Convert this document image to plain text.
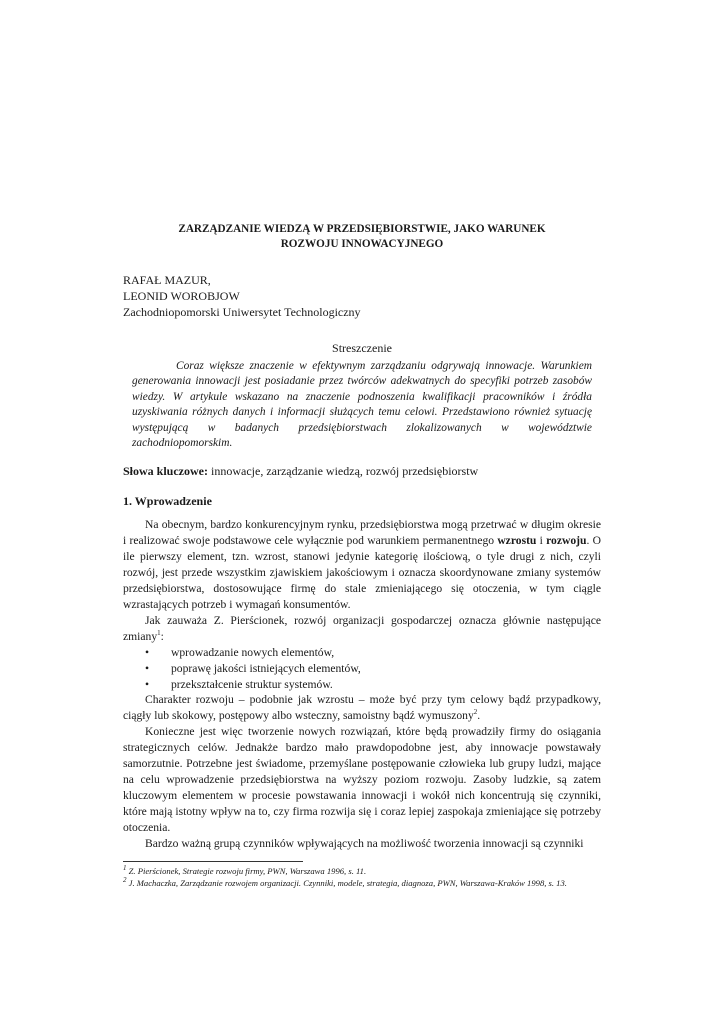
ZARZĄDZANIE WIEDZĄ W PRZEDSIĘBIORSTWIE, JAKO WARUNEK
ROZWOJU INNOWACYJNEGO
RAFAŁ MAZUR,
LEONID WOROBJOW
Zachodniopomorski Uniwersytet Technologiczny
Streszczenie

Coraz większe znaczenie w efektywnym zarządzaniu odgrywają innowacje. Warunkiem generowania innowacji jest posiadanie przez twórców adekwatnych do specyfiki potrzeb zasobów wiedzy. W artykule wskazano na znaczenie podnoszenia kwalifikacji pracowników i źródła uzyskiwania różnych danych i informacji służących temu celowi. Przedstawiono również sytuację występującą w badanych przedsiębiorstwach zlokalizowanych w województwie zachodniopomorskim.

Słowa kluczowe: innowacje, zarządzanie wiedzą, rozwój przedsiębiorstw
1. Wprowadzenie

Na obecnym, bardzo konkurencyjnym rynku, przedsiębiorstwa mogą przetrwać w długim okresie i realizować swoje podstawowe cele wyłącznie pod warunkiem permanentnego wzrostu i rozwoju. O ile pierwszy element, tzn. wzrost, stanowi jedynie kategorię ilościową, o tyle drugi z nich, czyli rozwój, jest przede wszystkim zjawiskiem jakościowym i oznacza skoordynowane zmiany systemów przedsiębiorstwa, dostosowujące firmę do stale zmieniającego się otoczenia, w tym ciągle wzrastających potrzeb i wymagań konsumentów.

Jak zauważa Z. Pierścionek, rozwój organizacji gospodarczej oznacza głównie następujące zmiany$^1$:

• wprowadzanie nowych elementów,
• poprawę jakości istniejących elementów,
• przekształcenie struktur systemów.

Charakter rozwoju – podobnie jak wzrostu – może być przy tym celowy bądź przypadkowy, ciągły lub skokowy, postępowy albo wsteczny, samoistny bądź wymuszony$^2$.

Konieczne jest więc tworzenie nowych rozwiązań, które będą prowadziły firmy do osiągania strategicznych celów. Jednakże bardzo mało prawdopodobne jest, aby innowacje powstawały samorzutnie. Potrzebne jest świadome, przemyślane postępowanie człowieka lub grupy ludzi, mające na celu wprowadzenie przedsiębiorstwa na wyższy poziom rozwoju. Zasoby ludzkie, są zatem kluczowym elementem w procesie powstawania innowacji i wokół nich koncentrują się czynniki, które mają istotny wpływ na to, czy firma rozwija się i coraz lepiej zaspokaja zmieniające się potrzeby otoczenia.

Bardzo ważną grupą czynników wpływających na możliwość tworzenia innowacji są czynniki

$^1$ Z. Pierścionek, Strategie rozwoju firmy, PWN, Warszawa 1996, s. 11.
$^2$ J. Machaczka, Zarządzanie rozwojem organizacji. Czynniki, modele, strategia, diagnoza, PWN, Warszawa-Kraków 1998, s. 13.
